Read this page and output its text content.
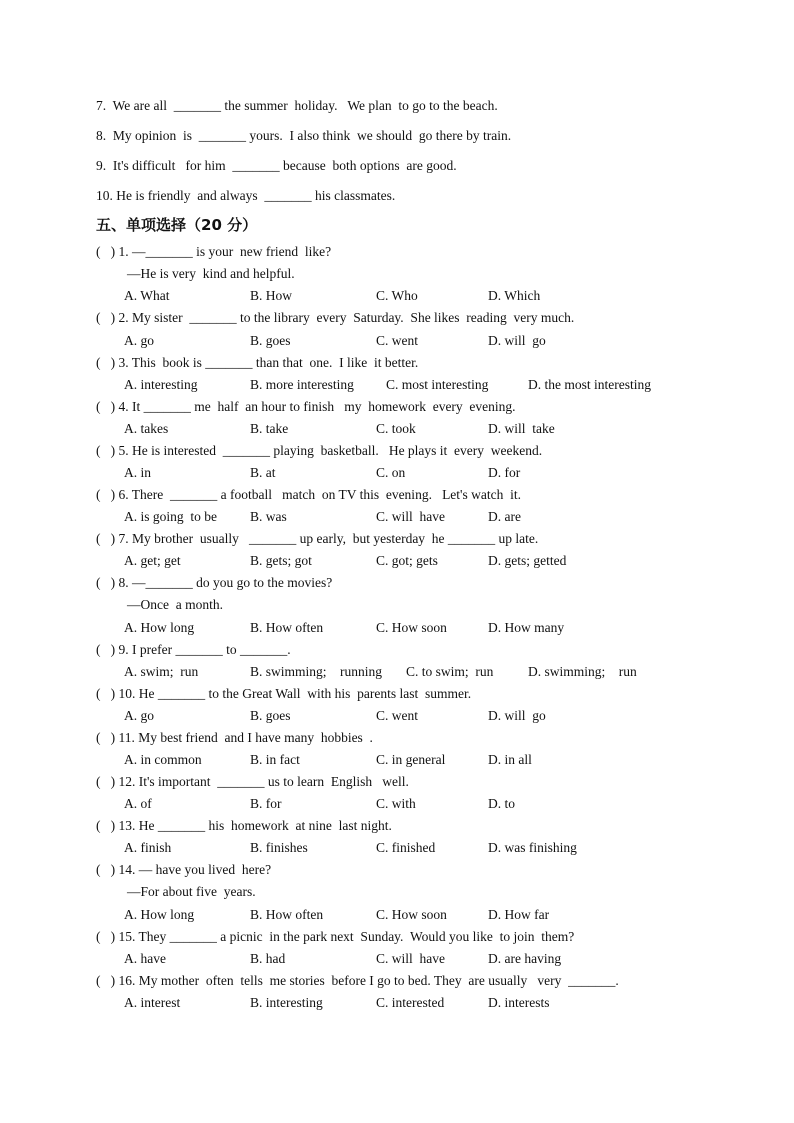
7.  We are all  _______ the summer  holiday.   We plan  to go to the beach.
8.  My opinion  is  _______ yours.  I also think  we should  go there by train.
9.  It's difficult   for him  _______ because  both options  are good.
10. He is friendly  and always  _______ his classmates.
五、单项选择（20 分）
(   ) 1. —_______ is your  new friend  like?
—He is very  kind and helpful.
A. What	B. How	C. Who	D. Which
(   ) 2. My sister  _______ to the library  every  Saturday.  She likes  reading  very much.
A. go	B. goes	C. went	D. will  go
(   ) 3. This  book is _______ than that  one.  I like  it better.
A. interesting	B. more interesting C. most interesting	D. the most interesting
(   ) 4. It _______ me  half  an hour to finish   my  homework  every  evening.
A. takes	B. take	C. took	D. will  take
(   ) 5. He is interested  _______ playing  basketball.   He plays it  every  weekend.
A. in	B. at	C. on	D. for
(   ) 6. There  _______ a football   match  on TV this  evening.   Let's watch  it.
A. is going  to be B. was	C. will  have	D. are
(   ) 7. My brother  usually   _______ up early,  but yesterday  he _______ up late.
A. get; get	B. gets; got	C. got; gets	D. gets; getted
(   ) 8. —_______ do you go to the movies?
—Once  a month.
A. How long	B. How often	C. How soon	D. How many
(   ) 9. I prefer _______ to _______.
A. swim;  run	B. swimming;    running C. to swim;  run	D. swimming;    run
(   ) 10. He _______ to the Great Wall  with his  parents last  summer.
A. go	B. goes	C. went	D. will  go
(   ) 11. My best friend  and I have many  hobbies  .
A. in common	B. in fact	C. in general	D. in all
(   ) 12. It's important  _______ us to learn  English   well.
A. of	B. for	C. with	D. to
(   ) 13. He _______ his  homework  at nine  last night.
A. finish	B. finishes	C. finished	D. was finishing
(   ) 14. — have you lived  here?
—For about five  years.
A. How long	B. How often	C. How soon	D. How far
(   ) 15. They _______ a picnic  in the park next  Sunday.  Would you like  to join  them?
A. have	B. had	C. will  have	D. are having
(   ) 16. My mother  often  tells  me stories  before I go to bed. They  are usually   very  _______.
A. interest	B. interesting	C. interested	D. interests
